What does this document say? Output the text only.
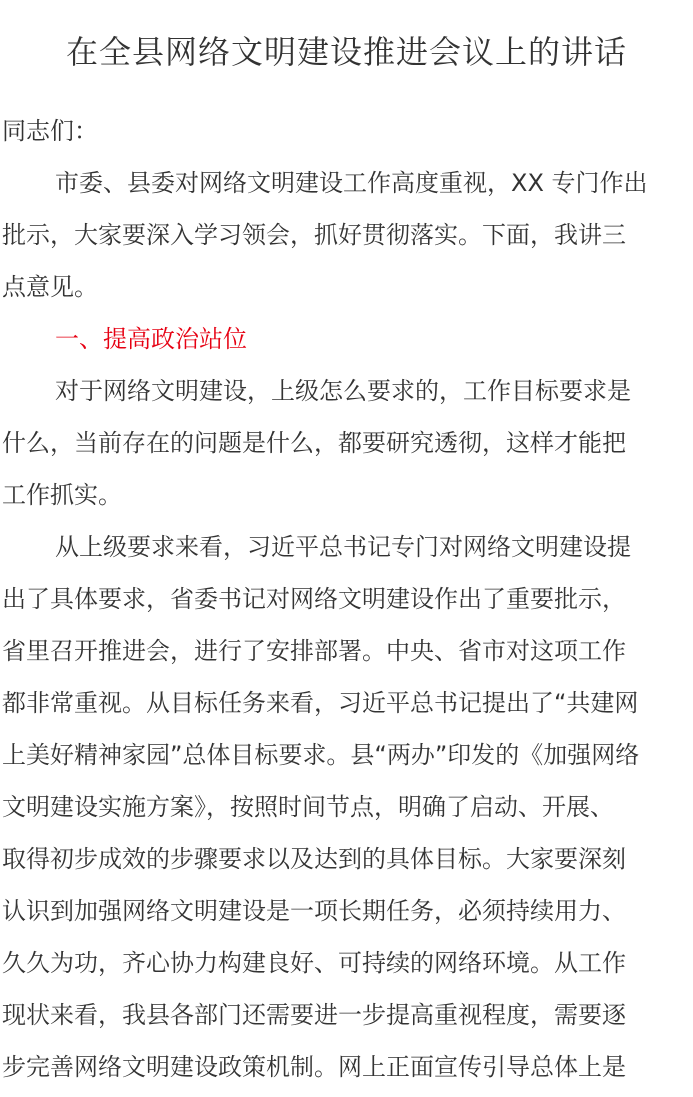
在全县网络文明建设推进会议上的讲话
同志们：
市委、县委对网络文明建设工作高度重视，XX 专门作出
批示，大家要深入学习领会，抓好贯彻落实。下面，我讲三
点意见。
一、提高政治站位
对于网络文明建设，上级怎么要求的，工作目标要求是
什么，当前存在的问题是什么，都要研究透彻，这样才能把
工作抓实。
从上级要求来看，习近平总书记专门对网络文明建设提
出了具体要求，省委书记对网络文明建设作出了重要批示，
省里召开推进会，进行了安排部署。中央、省市对这项工作
都非常重视。从目标任务来看，习近平总书记提出了“共建网
上美好精神家园”总体目标要求。县“两办”印发的《加强网络
文明建设实施方案》，按照时间节点，明确了启动、开展、
取得初步成效的步骤要求以及达到的具体目标。大家要深刻
认识到加强网络文明建设是一项长期任务，必须持续用力、
久久为功，齐心协力构建良好、可持续的网络环境。从工作
现状来看，我县各部门还需要进一步提高重视程度，需要逐
步完善网络文明建设政策机制。网上正面宣传引导总体上是
